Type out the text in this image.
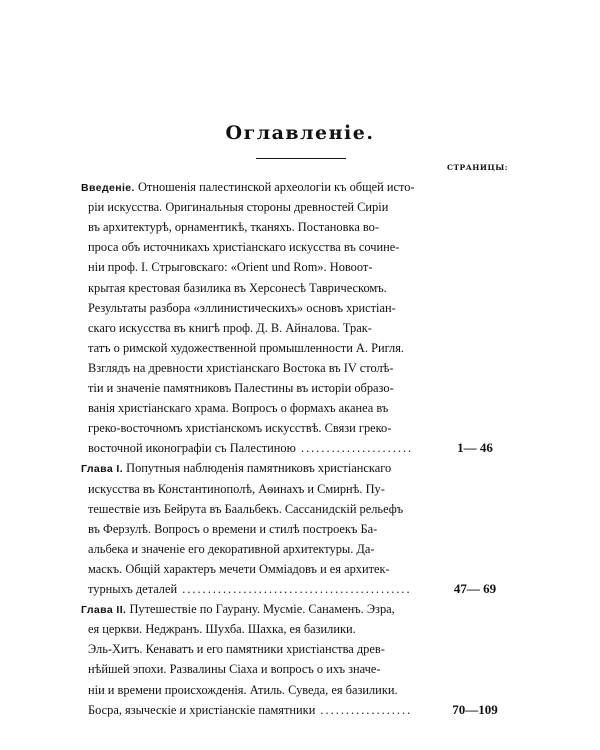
Оглавленіе.
СТРАНИЦЫ:
Введеніе. Отношенія палестинской археологіи къ общей исто-
ріи искусства. Оригинальныя стороны древностей Сиріи
въ архитектурѣ, орнаментикѣ, тканяхъ. Постановка во-
проса объ источникахъ христіанскаго искусства въ сочине-
ніи проф. І. Стрыговскаго: «Orient und Rom». Новоот-
крытая крестовая базилика въ Херсонесѣ Таврическомъ.
Результаты разбора «эллинистическихъ» основъ христіан-
скаго искусства въ книгѣ проф. Д. В. Айналова. Трак-
татъ о римской художественной промышленности А. Ригля.
Взглядъ на древности христіанскаго Востока въ IV столѣ-
тіи и значеніе памятниковъ Палестины въ исторіи образо-
ванія христіанскаго храма. Вопросъ о формахъ аканеа въ
греко-восточномъ христіанскомъ искусствѣ. Связи греко-
восточной иконографіи съ Палестиною ......................	1— 46
Глава I. Попутныя наблюденія памятниковъ христіанскаго
искусства въ Константинополѣ, Аѳинахъ и Смирнѣ. Пу-
тешествіе изъ Бейрута въ Баальбекъ. Сассанидскій рельефъ
въ Ферзулѣ. Вопросъ о времени и стилѣ построекъ Ба-
альбека и значеніе его декоративной архитектуры. Да-
маскъ. Общій характеръ мечети Оммiадовъ и ея архитек-
турныхъ деталей .............................................	47— 69
Глава II. Путешествіе по Гаурану. Мусміе. Санаменъ. Эзра,
ея церкви. Неджранъ. Шухба. Шахка, ея базилики.
Эль-Хитъ. Кенаватъ и его памятники христіанства древ-
нѣйшей эпохи. Развалины Сіаха и вопросъ о ихъ значе-
ніи и времени происхожденія. Атиль. Суведа, ея базилики.
Босра, языческіе и христіанскіе памятники ..................	70—109
